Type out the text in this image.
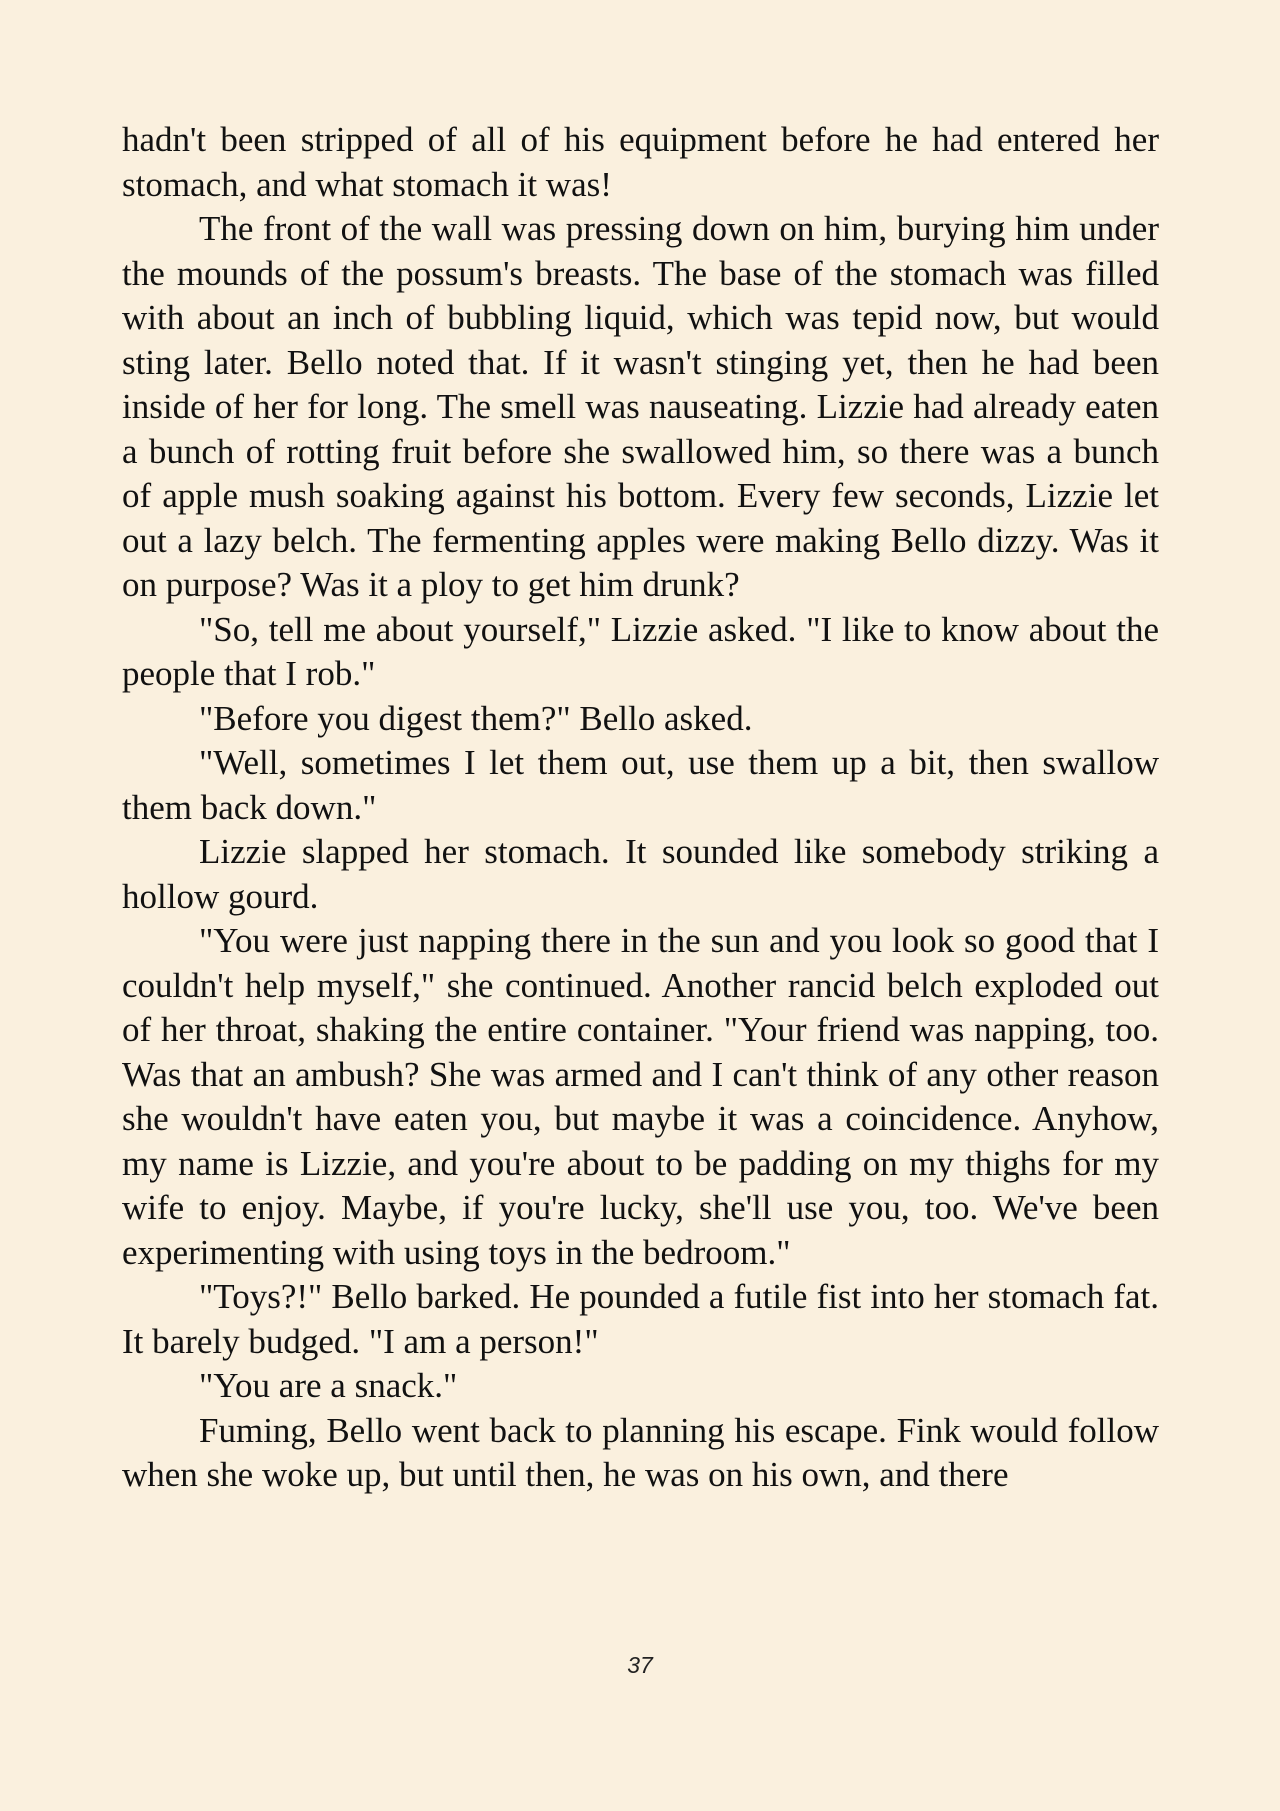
hadn't been stripped of all of his equipment before he had entered her stomach, and what stomach it was!

The front of the wall was pressing down on him, burying him under the mounds of the possum's breasts. The base of the stomach was filled with about an inch of bubbling liquid, which was tepid now, but would sting later. Bello noted that. If it wasn't stinging yet, then he had been inside of her for long. The smell was nauseating. Lizzie had already eaten a bunch of rotting fruit before she swallowed him, so there was a bunch of apple mush soaking against his bottom. Every few seconds, Lizzie let out a lazy belch. The fermenting apples were making Bello dizzy. Was it on purpose? Was it a ploy to get him drunk?

"So, tell me about yourself," Lizzie asked. "I like to know about the people that I rob."

"Before you digest them?" Bello asked.

"Well, sometimes I let them out, use them up a bit, then swallow them back down."

Lizzie slapped her stomach. It sounded like somebody striking a hollow gourd.

"You were just napping there in the sun and you look so good that I couldn't help myself," she continued. Another rancid belch exploded out of her throat, shaking the entire container. "Your friend was napping, too. Was that an ambush? She was armed and I can't think of any other reason she wouldn't have eaten you, but maybe it was a coincidence. Anyhow, my name is Lizzie, and you're about to be padding on my thighs for my wife to enjoy. Maybe, if you're lucky, she'll use you, too. We've been experimenting with using toys in the bedroom."

"Toys?!" Bello barked. He pounded a futile fist into her stomach fat. It barely budged. "I am a person!"

"You are a snack."

Fuming, Bello went back to planning his escape. Fink would follow when she woke up, but until then, he was on his own, and there

37
